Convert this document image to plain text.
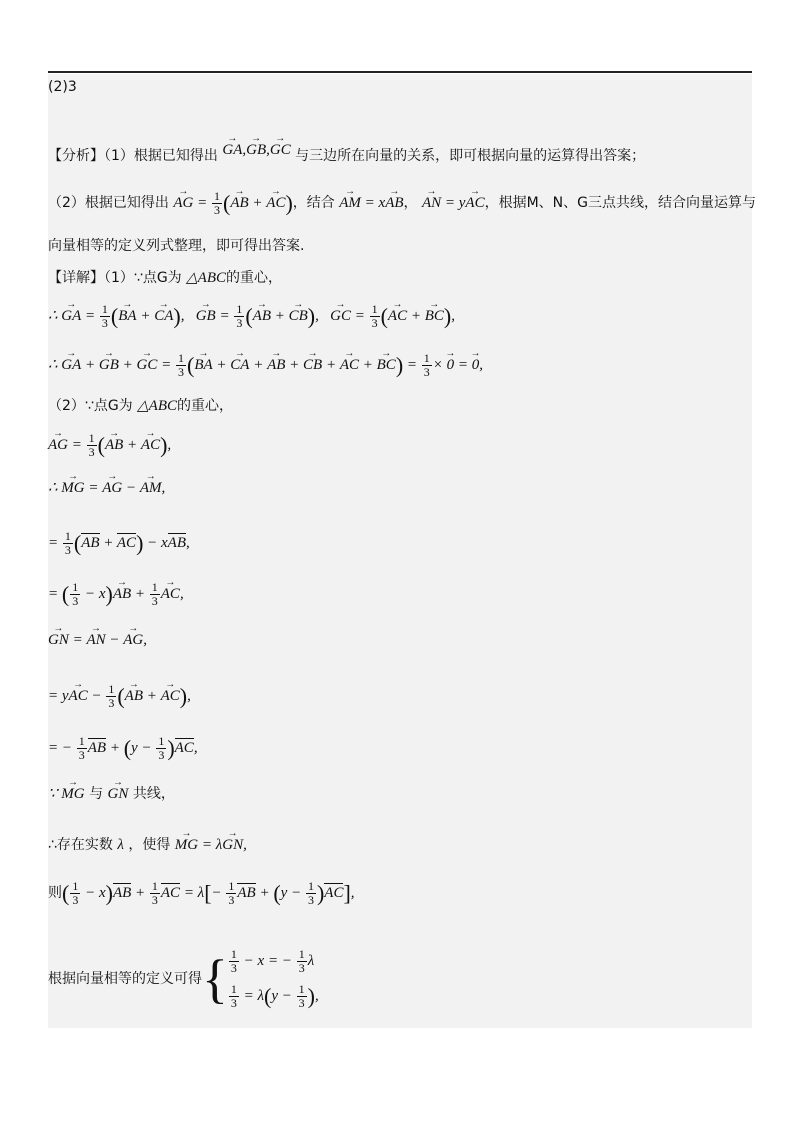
(2)3
【分析】（1）根据已知得出 GA →,GB →,GC → 与三边所在向量的关系，即可根据向量的运算得出答案；
（2）根据已知得出 AG → = $\frac{1}{3} (AB$ → + AC →)，结合 AM → = xAB →， AN → = yAC →，根据M、N、G三点共线，结合向量运算与
向量相等的定义列式整理，即可得出答案.
【详解】（1）∵点G为 △ABC的重心，
∴ GA → = $\frac{1}{3} (BA$ → + CA →),   GB → = $\frac{1}{3} (AB$ → + CB →),   GC → = $\frac{1}{3} (AC$ → + BC →),
∴ GA → + GB → + GC → = $\frac{1}{3} (BA$ → + CA → + AB → + CB → + AC → + BC →) = $\frac{1}{3} \times 0$ → = 0 →,
（2）∵点G为 △ABC的重心，
AG → = $\frac{1}{3} (AB$ → + AC →),
∴ MG → = AG → − AM →,
= $\frac{1}{3} (AB + AC)$ − xAB,
= ( $\frac{1}{3} - x)AB$ → + $\frac{1}{3}$ AC →,
GN → = AN → − AG →,
= yAC → − $\frac{1}{3} (AB$ → + AC →),
= − $\frac{1}{3}$ AB + $(y - \frac{1}{3} )AC$,
∵ MG → 与 GN → 共线，
∴存在实数 λ ，使得 MG → = λGN →,
则( $\frac{1}{3} - x)AB + \frac{1}{3}$ AC = $\lambda[- \frac{1}{3}$ AB + $(y - \frac{1}{3} )AC$],
根据向量相等的定义可得{ $\frac{1}{3} - x$ = − $\frac{1}{3}$ λ
$\frac{1}{3} = \lambda(y - \frac{1}{3}$ ),
